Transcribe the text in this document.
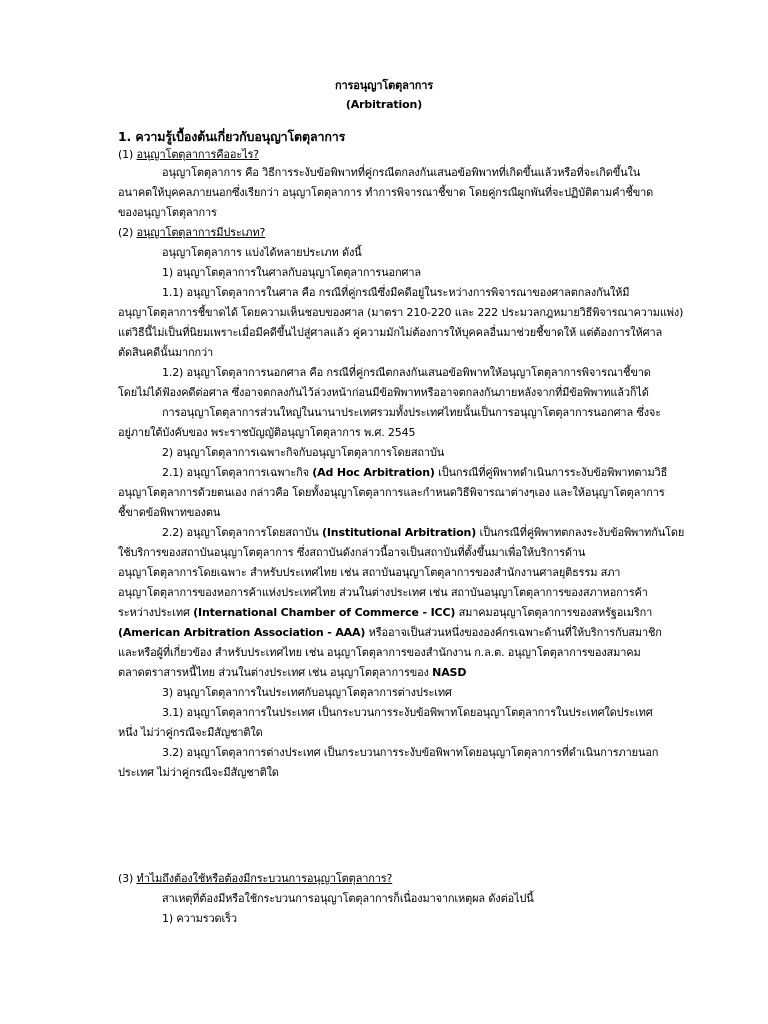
การอนุญาโตตุลาการ
(Arbitration)
1. ความรู้เบื้องต้นเกี่ยวกับอนุญาโตตุลาการ
(1) อนุญาโตตุลาการคืออะไร?
อนุญาโตตุลาการ คือ วิธีการระงับข้อพิพาทที่คู่กรณีตกลงกันเสนอข้อพิพาทที่เกิดขึ้นแล้วหรือที่จะเกิดขึ้นใน
อนาคตให้บุคคลภายนอกซึ่งเรียกว่า อนุญาโตตุลาการ ทำการพิจารณาชี้ขาด โดยคู่กรณีผูกพันที่จะปฏิบัติตามคำชี้ขาด
ของอนุญาโตตุลาการ
(2) อนุญาโตตุลาการมีประเภท?
อนุญาโตตุลาการ แบ่งได้หลายประเภท ดังนี้
1) อนุญาโตตุลาการในศาลกับอนุญาโตตุลาการนอกศาล
1.1) อนุญาโตตุลาการในศาล คือ กรณีที่คู่กรณีซึ่งมีคดีอยู่ในระหว่างการพิจารณาของศาลตกลงกันให้มี
อนุญาโตตุลาการชี้ขาดได้ โดยความเห็นชอบของศาล (มาตรา 210-220 และ 222 ประมวลกฎหมายวิธีพิจารณาความแพ่ง)
แต่วิธีนี้ไม่เป็นที่นิยมเพราะเมื่อมีคดีขึ้นไปสู่ศาลแล้ว คู่ความมักไม่ต้องการให้บุคคลอื่นมาช่วยชี้ขาดให้ แต่ต้องการให้ศาล
ตัดสินคดีนั้นมากกว่า
1.2) อนุญาโตตุลาการนอกศาล คือ กรณีที่คู่กรณีตกลงกันเสนอข้อพิพาทให้อนุญาโตตุลาการพิจารณาชี้ขาด
โดยไม่ได้ฟ้องคดีต่อศาล ซึ่งอาจตกลงกันไว้ล่วงหน้าก่อนมีข้อพิพาทหรืออาจตกลงกันภายหลังจากที่มีข้อพิพาทแล้วก็ได้
การอนุญาโตตุลาการส่วนใหญ่ในนานาประเทศรวมทั้งประเทศไทยนั้นเป็นการอนุญาโตตุลาการนอกศาล ซึ่งจะ
อยู่ภายใต้บังคับของ พระราชบัญญัติอนุญาโตตุลาการ พ.ศ. 2545
2) อนุญาโตตุลาการเฉพาะกิจกับอนุญาโตตุลาการโดยสถาบัน
2.1) อนุญาโตตุลาการเฉพาะกิจ (Ad Hoc Arbitration) เป็นกรณีที่คู่พิพาทดำเนินการระงับข้อพิพาทตามวิธี
อนุญาโตตุลาการด้วยตนเอง กล่าวคือ โดยทั้งอนุญาโตตุลาการและกำหนดวิธีพิจารณาต่างๆเอง และให้อนุญาโตตุลาการ
ชี้ขาดข้อพิพาทของตน
2.2) อนุญาโตตุลาการโดยสถาบัน (Institutional Arbitration) เป็นกรณีที่คู่พิพาทตกลงระงับข้อพิพาทกันโดย
ใช้บริการของสถาบันอนุญาโตตุลาการ ซึ่งสถาบันดังกล่าวนี้อาจเป็นสถาบันที่ตั้งขึ้นมาเพื่อให้บริการด้าน
อนุญาโตตุลาการโดยเฉพาะ สำหรับประเทศไทย เช่น สถาบันอนุญาโตตุลาการของสำนักงานศาลยุติธรรม สภา
อนุญาโตตุลาการของหอการค้าแห่งประเทศไทย ส่วนในต่างประเทศ เช่น สถาบันอนุญาโตตุลาการของสภาหอการค้า
ระหว่างประเทศ (International Chamber of Commerce - ICC) สมาคมอนุญาโตตุลาการของสหรัฐอเมริกา
(American Arbitration Association - AAA) หรืออาจเป็นส่วนหนึ่งขององค์กรเฉพาะด้านที่ให้บริการกับสมาชิก
และหรือผู้ที่เกี่ยวข้อง สำหรับประเทศไทย เช่น อนุญาโตตุลาการของสำนักงาน ก.ล.ต. อนุญาโตตุลาการของสมาคม
ตลาดตราสารหนี้ไทย ส่วนในต่างประเทศ เช่น อนุญาโตตุลาการของ NASD
3) อนุญาโตตุลาการในประเทศกับอนุญาโตตุลาการต่างประเทศ
3.1) อนุญาโตตุลาการในประเทศ เป็นกระบวนการระงับข้อพิพาทโดยอนุญาโตตุลาการในประเทศใดประเทศ
หนึ่ง ไม่ว่าคู่กรณีจะมีสัญชาติใด
3.2) อนุญาโตตุลาการต่างประเทศ เป็นกระบวนการระงับข้อพิพาทโดยอนุญาโตตุลาการที่ดำเนินการภายนอก
ประเทศ ไม่ว่าคู่กรณีจะมีสัญชาติใด
(3) ทำไมถึงต้องใช้หรือต้องมีกระบวนการอนุญาโตตุลาการ?
สาเหตุที่ต้องมีหรือใช้กระบวนการอนุญาโตตุลาการก็เนื่องมาจากเหตุผล ดังต่อไปนี้
1) ความรวดเร็ว
